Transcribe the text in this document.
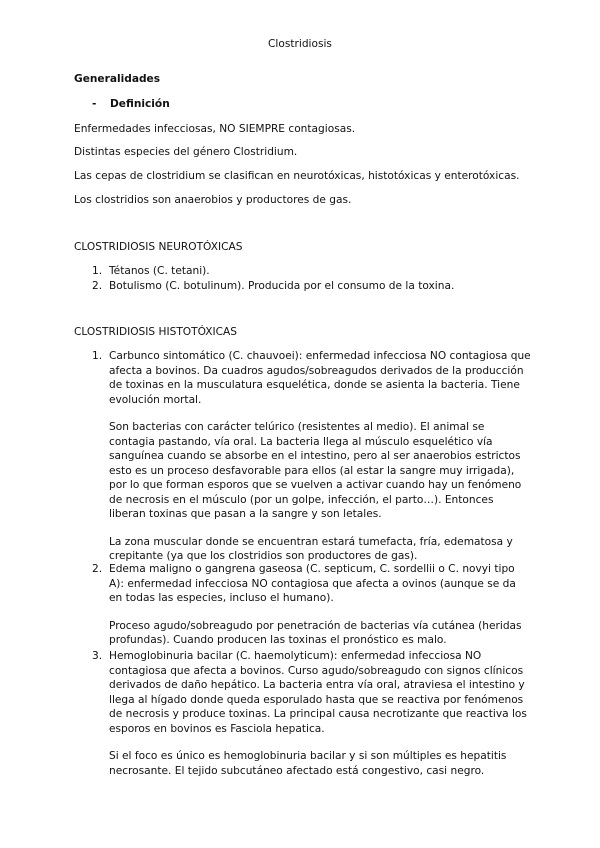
Clostridiosis
Generalidades
- Definición
Enfermedades infecciosas, NO SIEMPRE contagiosas.
Distintas especies del género Clostridium.
Las cepas de clostridium se clasifican en neurotóxicas, histotóxicas y enterotóxicas.
Los clostridios son anaerobios y productores de gas.
CLOSTRIDIOSIS NEUROTÓXICAS
1. Tétanos (C. tetani).

2. Botulismo (C. botulinum). Producida por el consumo de la toxina.

CLOSTRIDIOSIS HISTOTÓXICAS
1. Carbunco sintomático (C. chauvoei): enfermedad infecciosa NO contagiosa que afecta a bovinos. Da cuadros agudos/sobreagudos derivados de la producción de toxinas en la musculatura esquelética, donde se asienta la bacteria. Tiene evolución mortal.

Son bacterias con carácter telúrico (resistentes al medio). El animal se contagia pastando, vía oral. La bacteria llega al músculo esquelético vía sanguínea cuando se absorbe en el intestino, pero al ser anaerobios estrictos esto es un proceso desfavorable para ellos (al estar la sangre muy irrigada), por lo que forman esporos que se vuelven a activar cuando hay un fenómeno de necrosis en el músculo (por un golpe, infección, el parto…). Entonces liberan toxinas que pasan a la sangre y son letales.

La zona muscular donde se encuentran estará tumefacta, fría, edematosa y crepitante (ya que los clostridios son productores de gas).

2. Edema maligno o gangrena gaseosa (C. septicum, C. sordellii o C. novyi tipo A): enfermedad infecciosa NO contagiosa que afecta a ovinos (aunque se da en todas las especies, incluso el humano).

Proceso agudo/sobreagudo por penetración de bacterias vía cutánea (heridas profundas). Cuando producen las toxinas el pronóstico es malo.

3. Hemoglobinuria bacilar (C. haemolyticum): enfermedad infecciosa NO contagiosa que afecta a bovinos. Curso agudo/sobreagudo con signos clínicos derivados de daño hepático. La bacteria entra vía oral, atraviesa el intestino y llega al hígado donde queda esporulado hasta que se reactiva por fenómenos de necrosis y produce toxinas. La principal causa necrotizante que reactiva los esporos en bovinos es Fasciola hepatica.

Si el foco es único es hemoglobinuria bacilar y si son múltiples es hepatitis necrosante. El tejido subcutáneo afectado está congestivo, casi negro.
